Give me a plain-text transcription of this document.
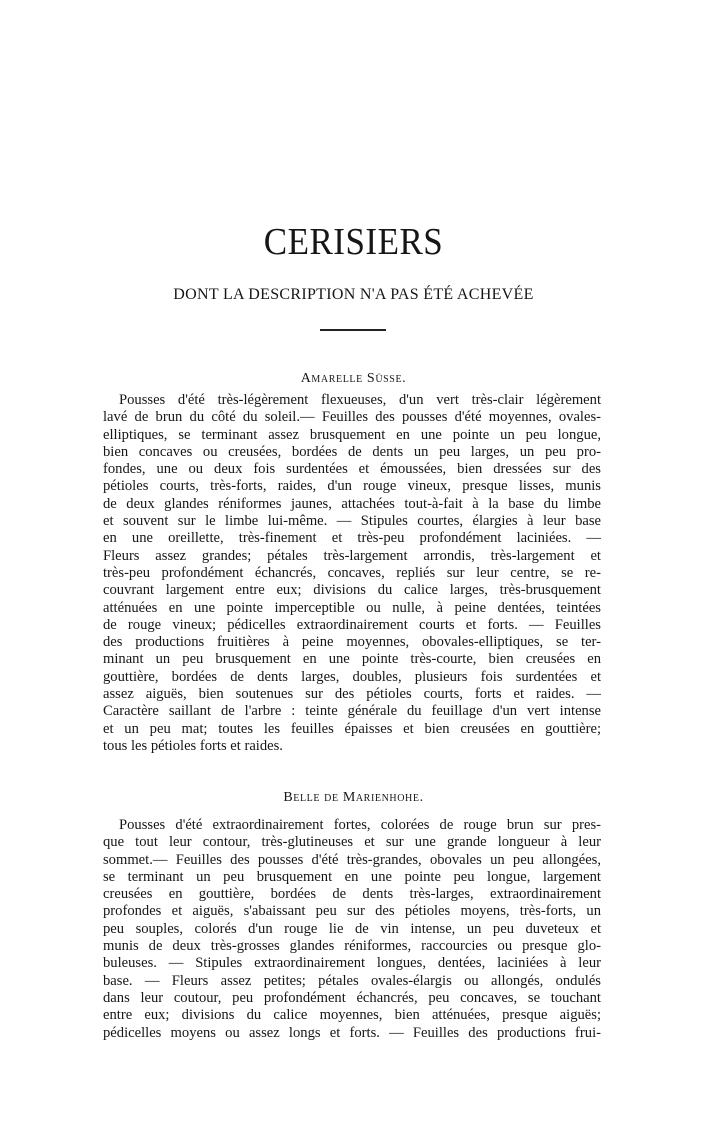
CERISIERS
DONT LA DESCRIPTION N'A PAS ÉTÉ ACHEVÉE
Amarelle Süsse.
Pousses d'été très-légèrement flexueuses, d'un vert très-clair légèrement
lavé de brun du côté du soleil.— Feuilles des pousses d'été moyennes, ovales-
elliptiques, se terminant assez brusquement en une pointe un peu longue,
bien concaves ou creusées, bordées de dents un peu larges, un peu pro-
fondes, une ou deux fois surdentées et émoussées, bien dressées sur des
pétioles courts, très-forts, raides, d'un rouge vineux, presque lisses, munis
de deux glandes réniformes jaunes, attachées tout-à-fait à la base du limbe
et souvent sur le limbe lui-même. — Stipules courtes, élargies à leur base
en une oreillette, très-finement et très-peu profondément laciniées. —
Fleurs assez grandes; pétales très-largement arrondis, très-largement et
très-peu profondément échancrés, concaves, repliés sur leur centre, se re-
couvrant largement entre eux; divisions du calice larges, très-brusquement
atténuées en une pointe imperceptible ou nulle, à peine dentées, teintées
de rouge vineux; pédicelles extraordinairement courts et forts. — Feuilles
des productions fruitières à peine moyennes, obovales-elliptiques, se ter-
minant un peu brusquement en une pointe très-courte, bien creusées en
gouttière, bordées de dents larges, doubles, plusieurs fois surdentées et
assez aiguës, bien soutenues sur des pétioles courts, forts et raides. —
Caractère saillant de l'arbre : teinte générale du feuillage d'un vert intense
et un peu mat; toutes les feuilles épaisses et bien creusées en gouttière;
tous les pétioles forts et raides.
Belle de Marienhohe.
Pousses d'été extraordinairement fortes, colorées de rouge brun sur pres-
que tout leur contour, très-glutineuses et sur une grande longueur à leur
sommet.— Feuilles des pousses d'été très-grandes, obovales un peu allongées,
se terminant un peu brusquement en une pointe peu longue, largement
creusées en gouttière, bordées de dents très-larges, extraordinairement
profondes et aiguës, s'abaissant peu sur des pétioles moyens, très-forts, un
peu souples, colorés d'un rouge lie de vin intense, un peu duveteux et
munis de deux très-grosses glandes réniformes, raccourcies ou presque glo-
buleuses. — Stipules extraordinairement longues, dentées, laciniées à leur
base. — Fleurs assez petites; pétales ovales-élargis ou allongés, ondulés
dans leur coutour, peu profondément échancrés, peu concaves, se touchant
entre eux; divisions du calice moyennes, bien atténuées, presque aiguës;
pédicelles moyens ou assez longs et forts. — Feuilles des productions frui-
